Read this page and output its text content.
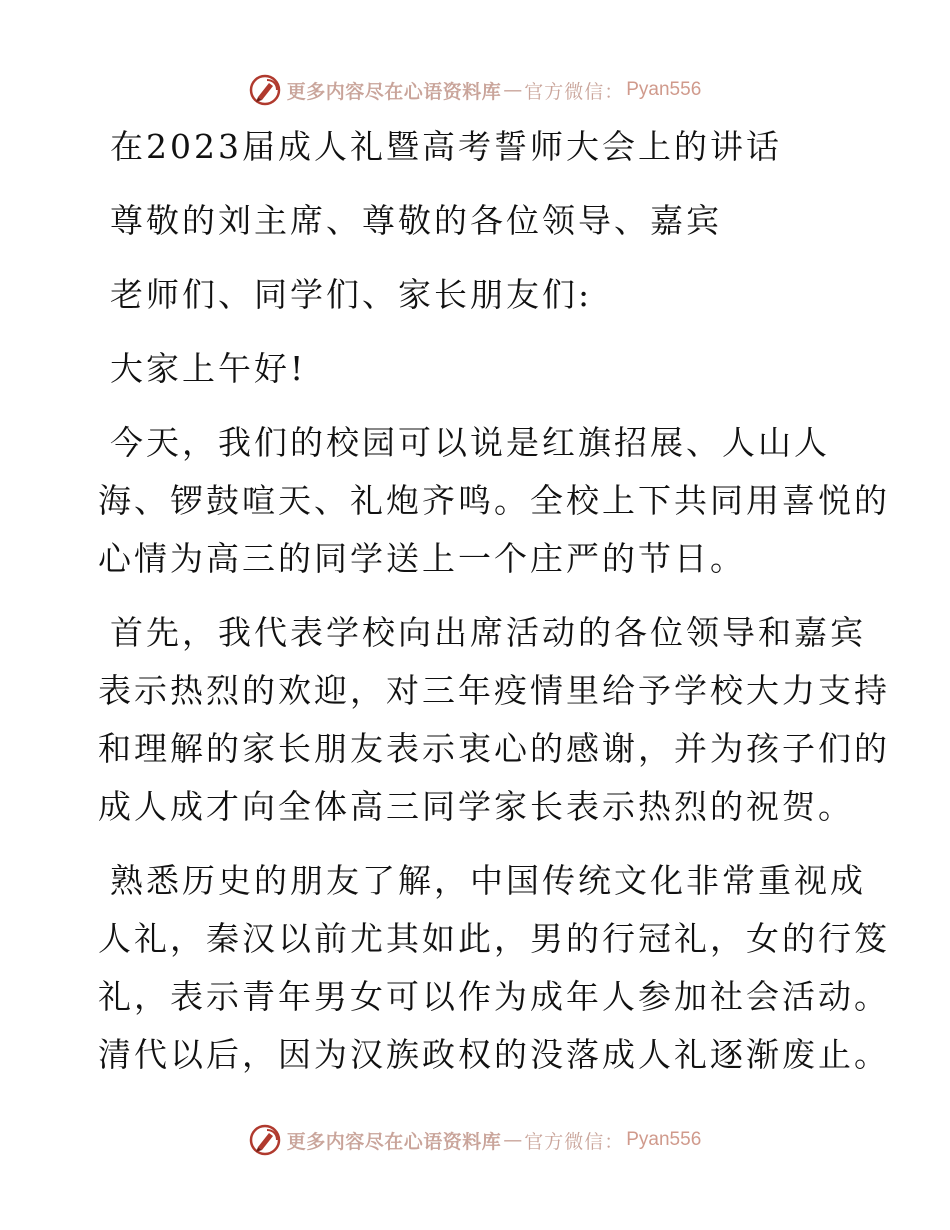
更多内容尽在心语资料库 — 官方微信： Pyan556
在2023届成人礼暨高考誓师大会上的讲话
尊敬的刘主席、尊敬的各位领导、嘉宾
老师们、同学们、家长朋友们:
大家上午好!
今天，我们的校园可以说是红旗招展、人山人
海、锣鼓喧天、礼炮齐鸣。全校上下共同用喜悦的
心情为高三的同学送上一个庄严的节日。
首先，我代表学校向出席活动的各位领导和嘉宾
表示热烈的欢迎，对三年疫情里给予学校大力支持
和理解的家长朋友表示衷心的感谢，并为孩子们的
成人成才向全体高三同学家长表示热烈的祝贺。
熟悉历史的朋友了解，中国传统文化非常重视成
人礼，秦汉以前尤其如此，男的行冠礼，女的行笈
礼，表示青年男女可以作为成年人参加社会活动。
清代以后，因为汉族政权的没落成人礼逐渐废止。
更多内容尽在心语资料库 — 官方微信： Pyan556
